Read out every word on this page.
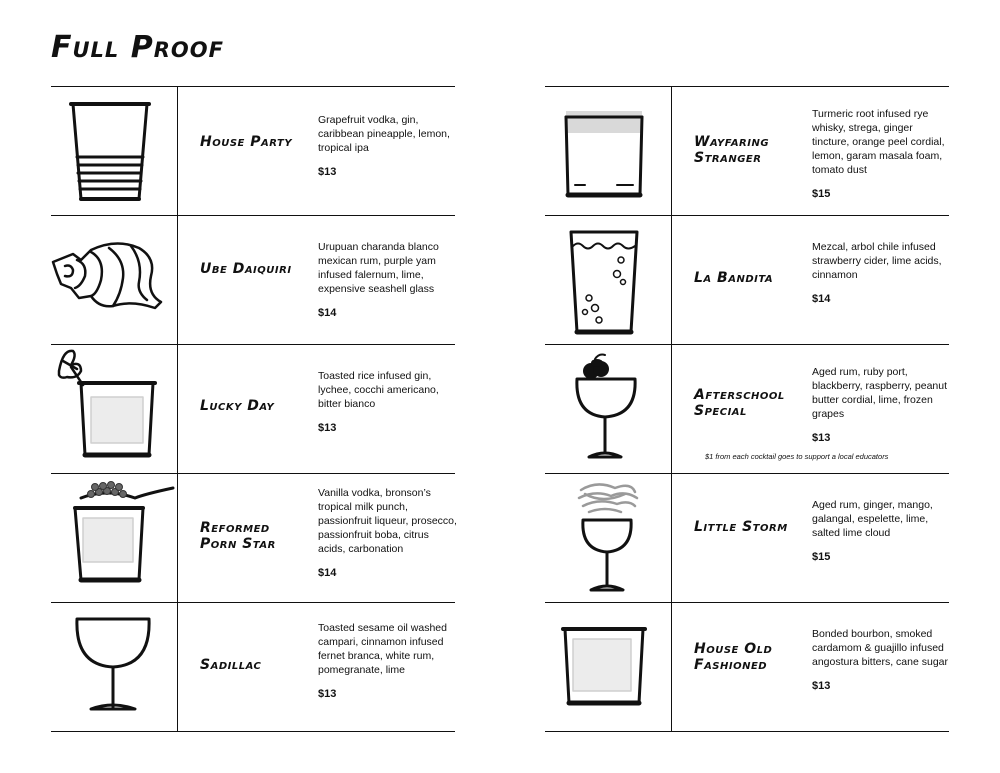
Full Proof
House Party
Grapefruit vodka, gin, caribbean pineapple, lemon, tropical ipa
$13
Ube Daiquiri
Urupuan charanda blanco mexican rum, purple yam infused falernum, lime, expensive seashell glass
$14
Lucky Day
Toasted rice infused gin, lychee, cocchi americano, bitter bianco
$13
Reformed Porn Star
Vanilla vodka, bronson’s tropical milk punch, passionfruit liqueur, prosecco, passionfruit boba, citrus acids, carbonation
$14
Sadillac
Toasted sesame oil washed campari, cinnamon infused fernet branca, white rum, pomegranate, lime
$13
Wayfaring Stranger
Turmeric root infused rye whisky, strega, ginger tincture, orange peel cordial, lemon, garam masala foam, tomato dust
$15
La Bandita
Mezcal, arbol chile infused strawberry cider, lime acids, cinnamon
$14
Afterschool Special
Aged rum, ruby port, blackberry, raspberry, peanut butter cordial, lime, frozen grapes
$13
$1 from each cocktail goes to support a local educators
Little Storm
Aged rum, ginger, mango, galangal, espelette, lime, salted lime cloud
$15
House Old Fashioned
Bonded bourbon, smoked cardamom & guajillo infused angostura bitters, cane sugar
$13
